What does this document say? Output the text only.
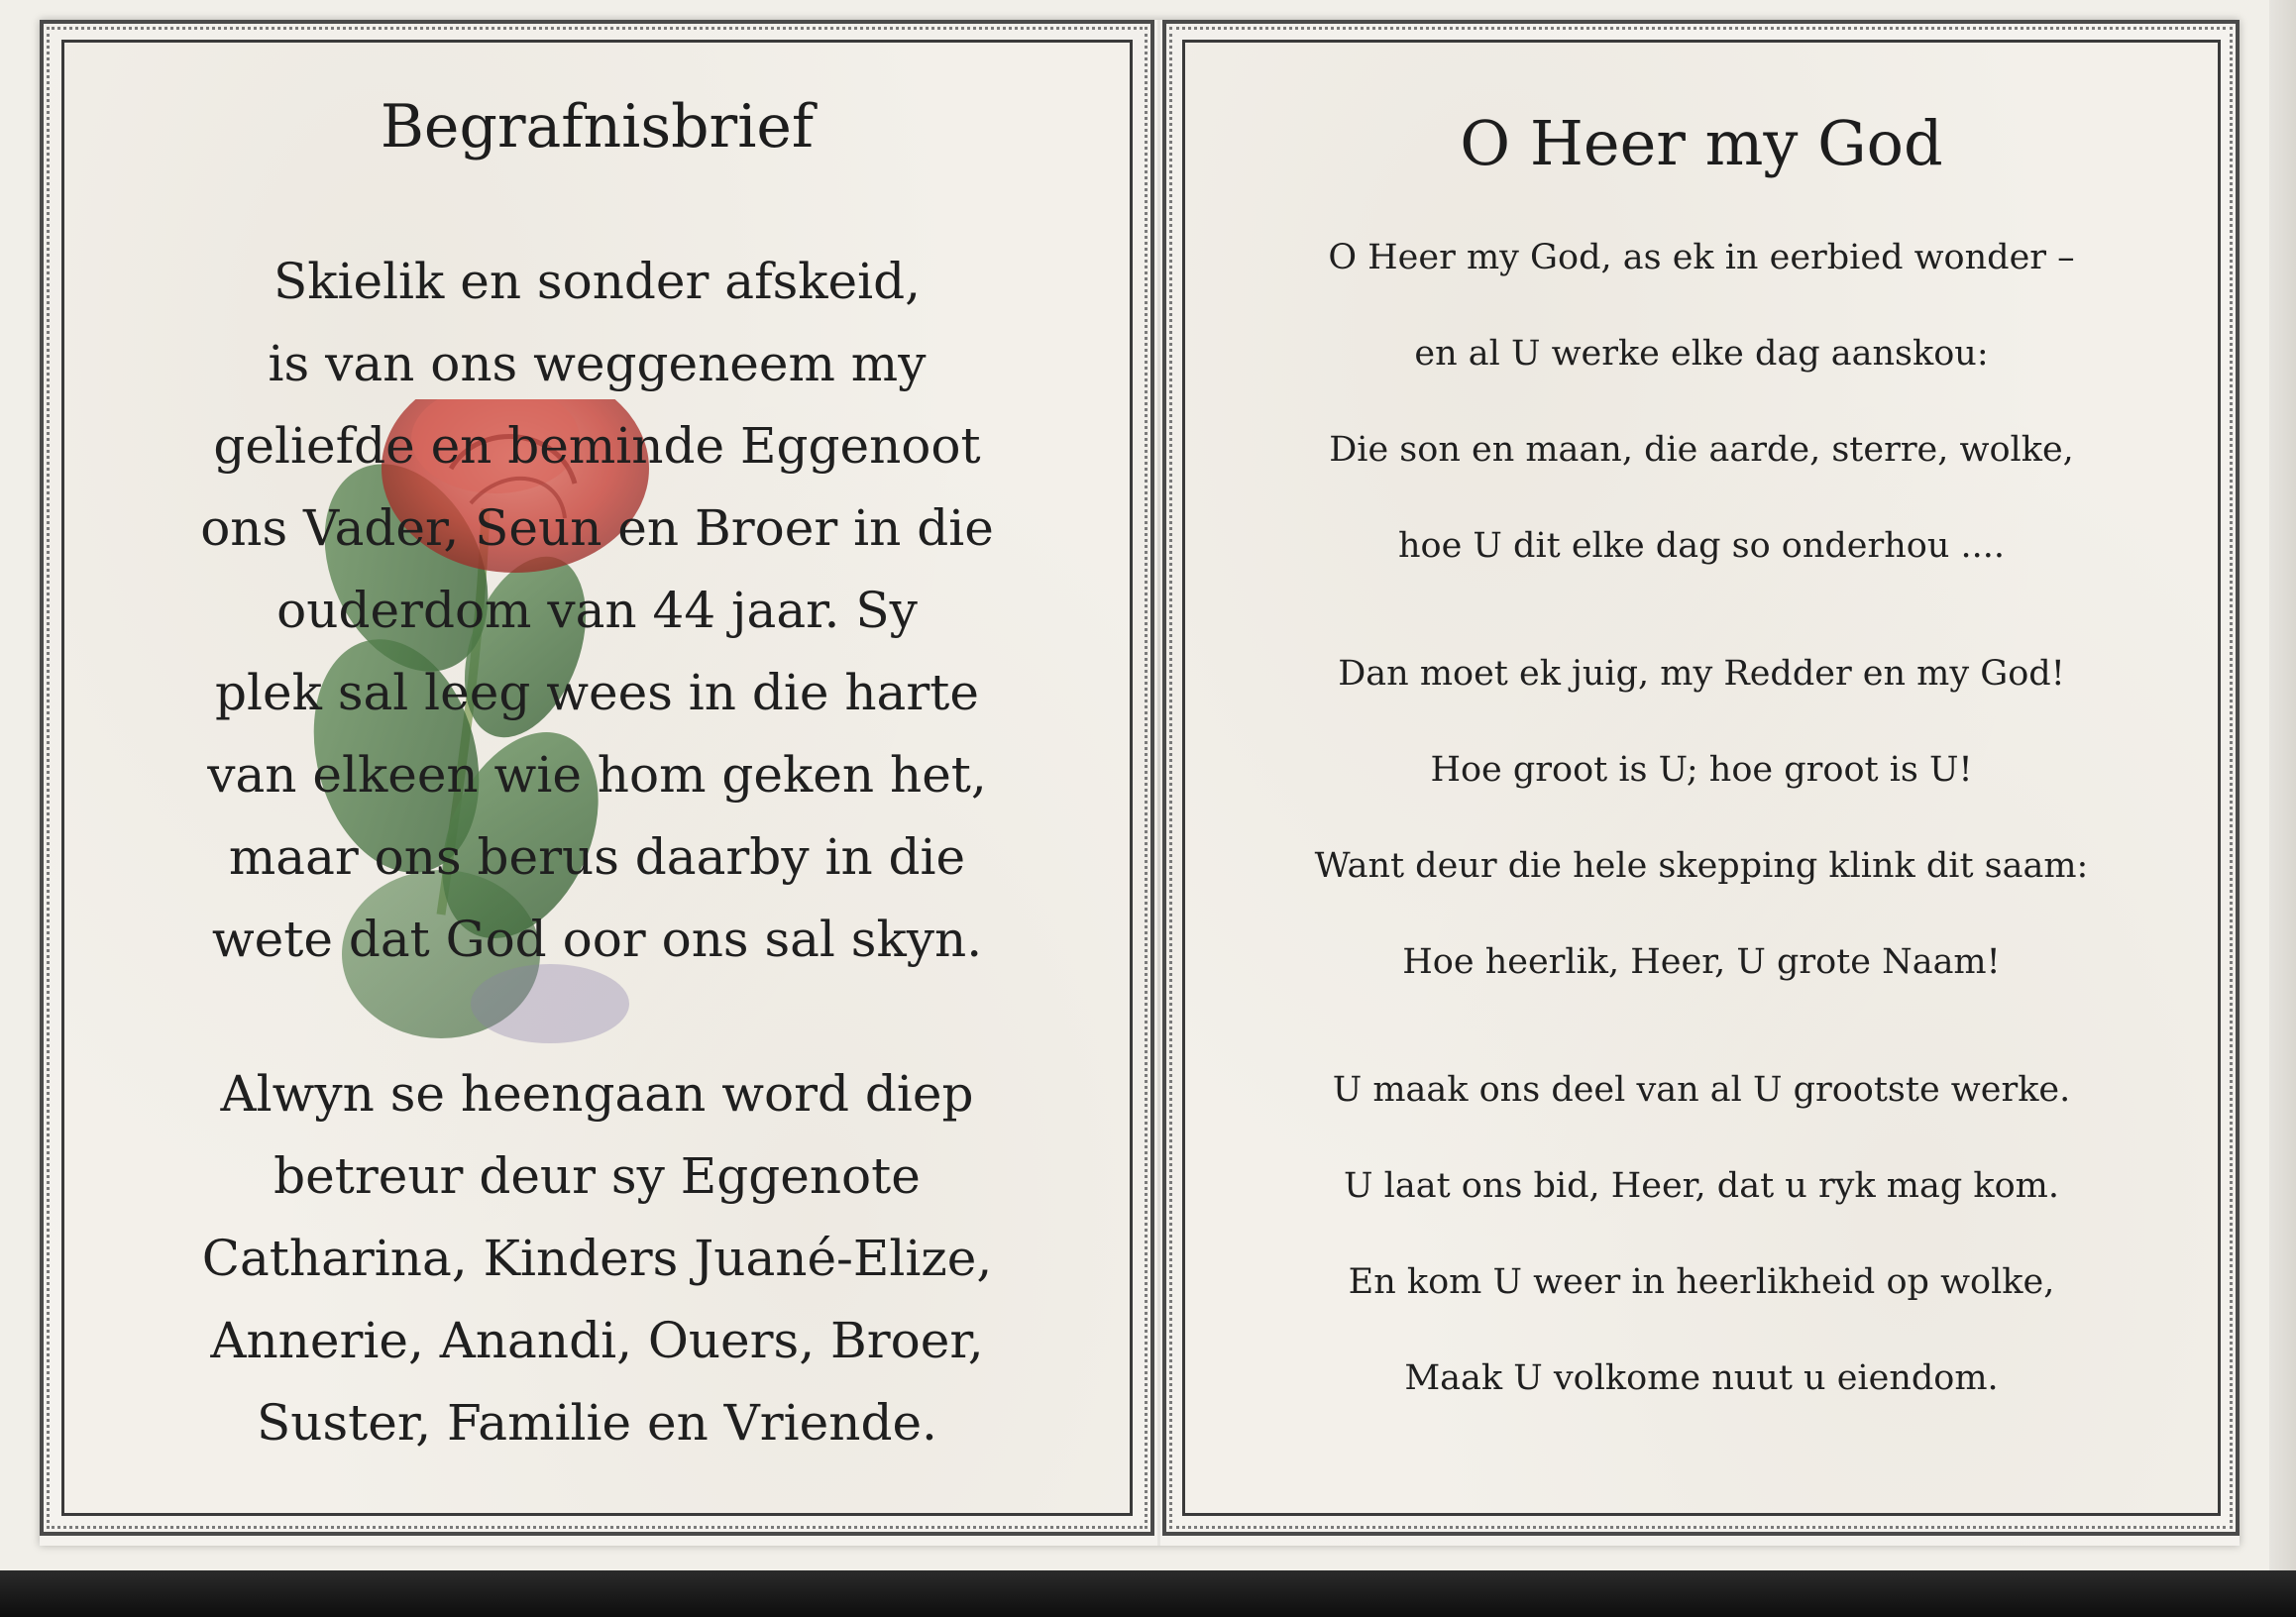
Begrafnisbrief
Skielik en sonder afskeid,
is van ons weggeneem my
geliefde en beminde Eggenoot
ons Vader, Seun en Broer in die
ouderdom van 44 jaar. Sy
plek sal leeg wees in die harte
van elkeen wie hom geken het,
maar ons berus daarby in die
wete dat God oor ons sal skyn.
Alwyn se heengaan word diep
betreur deur sy Eggenote
Catharina, Kinders Juané-Elize,
Annerie, Anandi, Ouers, Broer,
Suster, Familie en Vriende.
O Heer my God
O Heer my God, as ek in eerbied wonder –
en al U werke elke dag aanskou:
Die son en maan, die aarde, sterre, wolke,
hoe U dit elke dag so onderhou ....
Dan moet ek juig, my Redder en my God!
Hoe groot is U; hoe groot is U!
Want deur die hele skepping klink dit saam:
Hoe heerlik, Heer, U grote Naam!
U maak ons deel van al U grootste werke.
U laat ons bid, Heer, dat u ryk mag kom.
En kom U weer in heerlikheid op wolke,
Maak U volkome nuut u eiendom.
